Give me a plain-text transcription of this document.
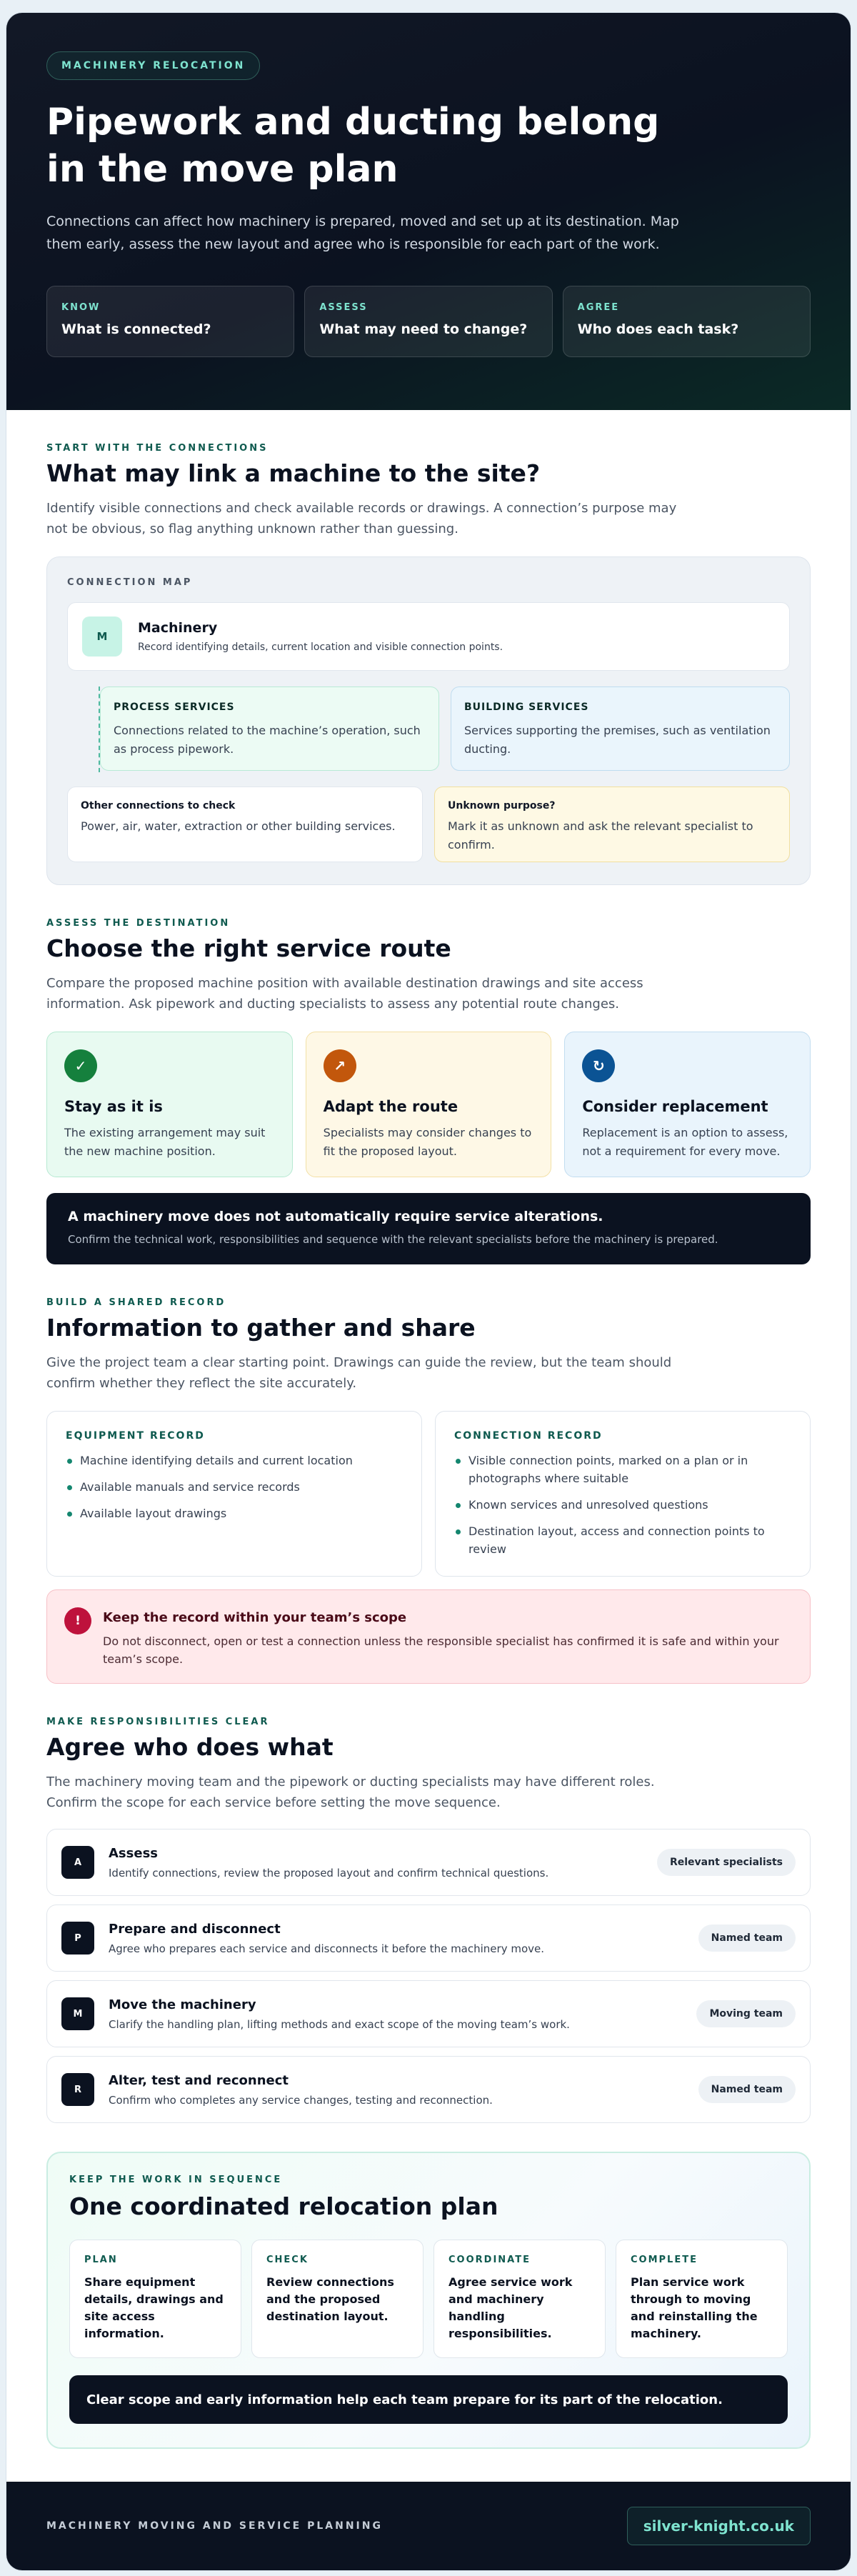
MACHINERY RELOCATION
Pipework and ducting belong in the move plan

Connections can affect how machinery is prepared, moved and set up at its destination. Map them early, assess the new layout and agree who is responsible for each part of the work.

KNOW
What is connected?
ASSESS
What may need to change?
AGREE
Who does each task?
START WITH THE CONNECTIONS
What may link a machine to the site?

Identify visible connections and check available records or drawings. A connection’s purpose may not be obvious, so flag anything unknown rather than guessing.

CONNECTION MAP
M
Machinery
Record identifying details, current location and visible connection points.
PROCESS SERVICES
Connections related to the machine’s operation, such as process pipework.
BUILDING SERVICES
Services supporting the premises, such as ventilation ducting.
Other connections to check
Power, air, water, extraction or other building services.
Unknown purpose?
Mark it as unknown and ask the relevant specialist to confirm.
ASSESS THE DESTINATION
Choose the right service route

Compare the proposed machine position with available destination drawings and site access information. Ask pipework and ducting specialists to assess any potential route changes.

✓
Stay as it is
The existing arrangement may suit the new machine position.
↗
Adapt the route
Specialists may consider changes to fit the proposed layout.
↻
Consider replacement
Replacement is an option to assess, not a requirement for every move.
A machinery move does not automatically require service alterations.
Confirm the technical work, responsibilities and sequence with the relevant specialists before the machinery is prepared.
BUILD A SHARED RECORD
Information to gather and share

Give the project team a clear starting point. Drawings can guide the review, but the team should confirm whether they reflect the site accurately.

EQUIPMENT RECORD
Machine identifying details and current location
Available manuals and service records
Available layout drawings
CONNECTION RECORD
Visible connection points, marked on a plan or in photographs where suitable
Known services and unresolved questions
Destination layout, access and connection points to review
!	Keep the record within your team’s scope
Do not disconnect, open or test a connection unless the responsible specialist has confirmed it is safe and within your team’s scope.
MAKE RESPONSIBILITIES CLEAR
Agree who does what

The machinery moving team and the pipework or ducting specialists may have different roles. Confirm the scope for each service before setting the move sequence.

A
Assess
Identify connections, review the proposed layout and confirm technical questions.
Relevant specialists
P
Prepare and disconnect
Agree who prepares each service and disconnects it before the machinery move.
Named team
M
Move the machinery
Clarify the handling plan, lifting methods and exact scope of the moving team’s work.
Moving team
R
Alter, test and reconnect
Confirm who completes any service changes, testing and reconnection.
Named team
KEEP THE WORK IN SEQUENCE
One coordinated relocation plan
PLAN
Share equipment details, drawings and site access information.
CHECK
Review connections and the proposed destination layout.
COORDINATE
Agree service work and machinery handling responsibilities.
COMPLETE
Plan service work through to moving and reinstalling the machinery.
Clear scope and early information help each team prepare for its part of the relocation.
MACHINERY MOVING AND SERVICE PLANNING	silver-knight.co.uk
